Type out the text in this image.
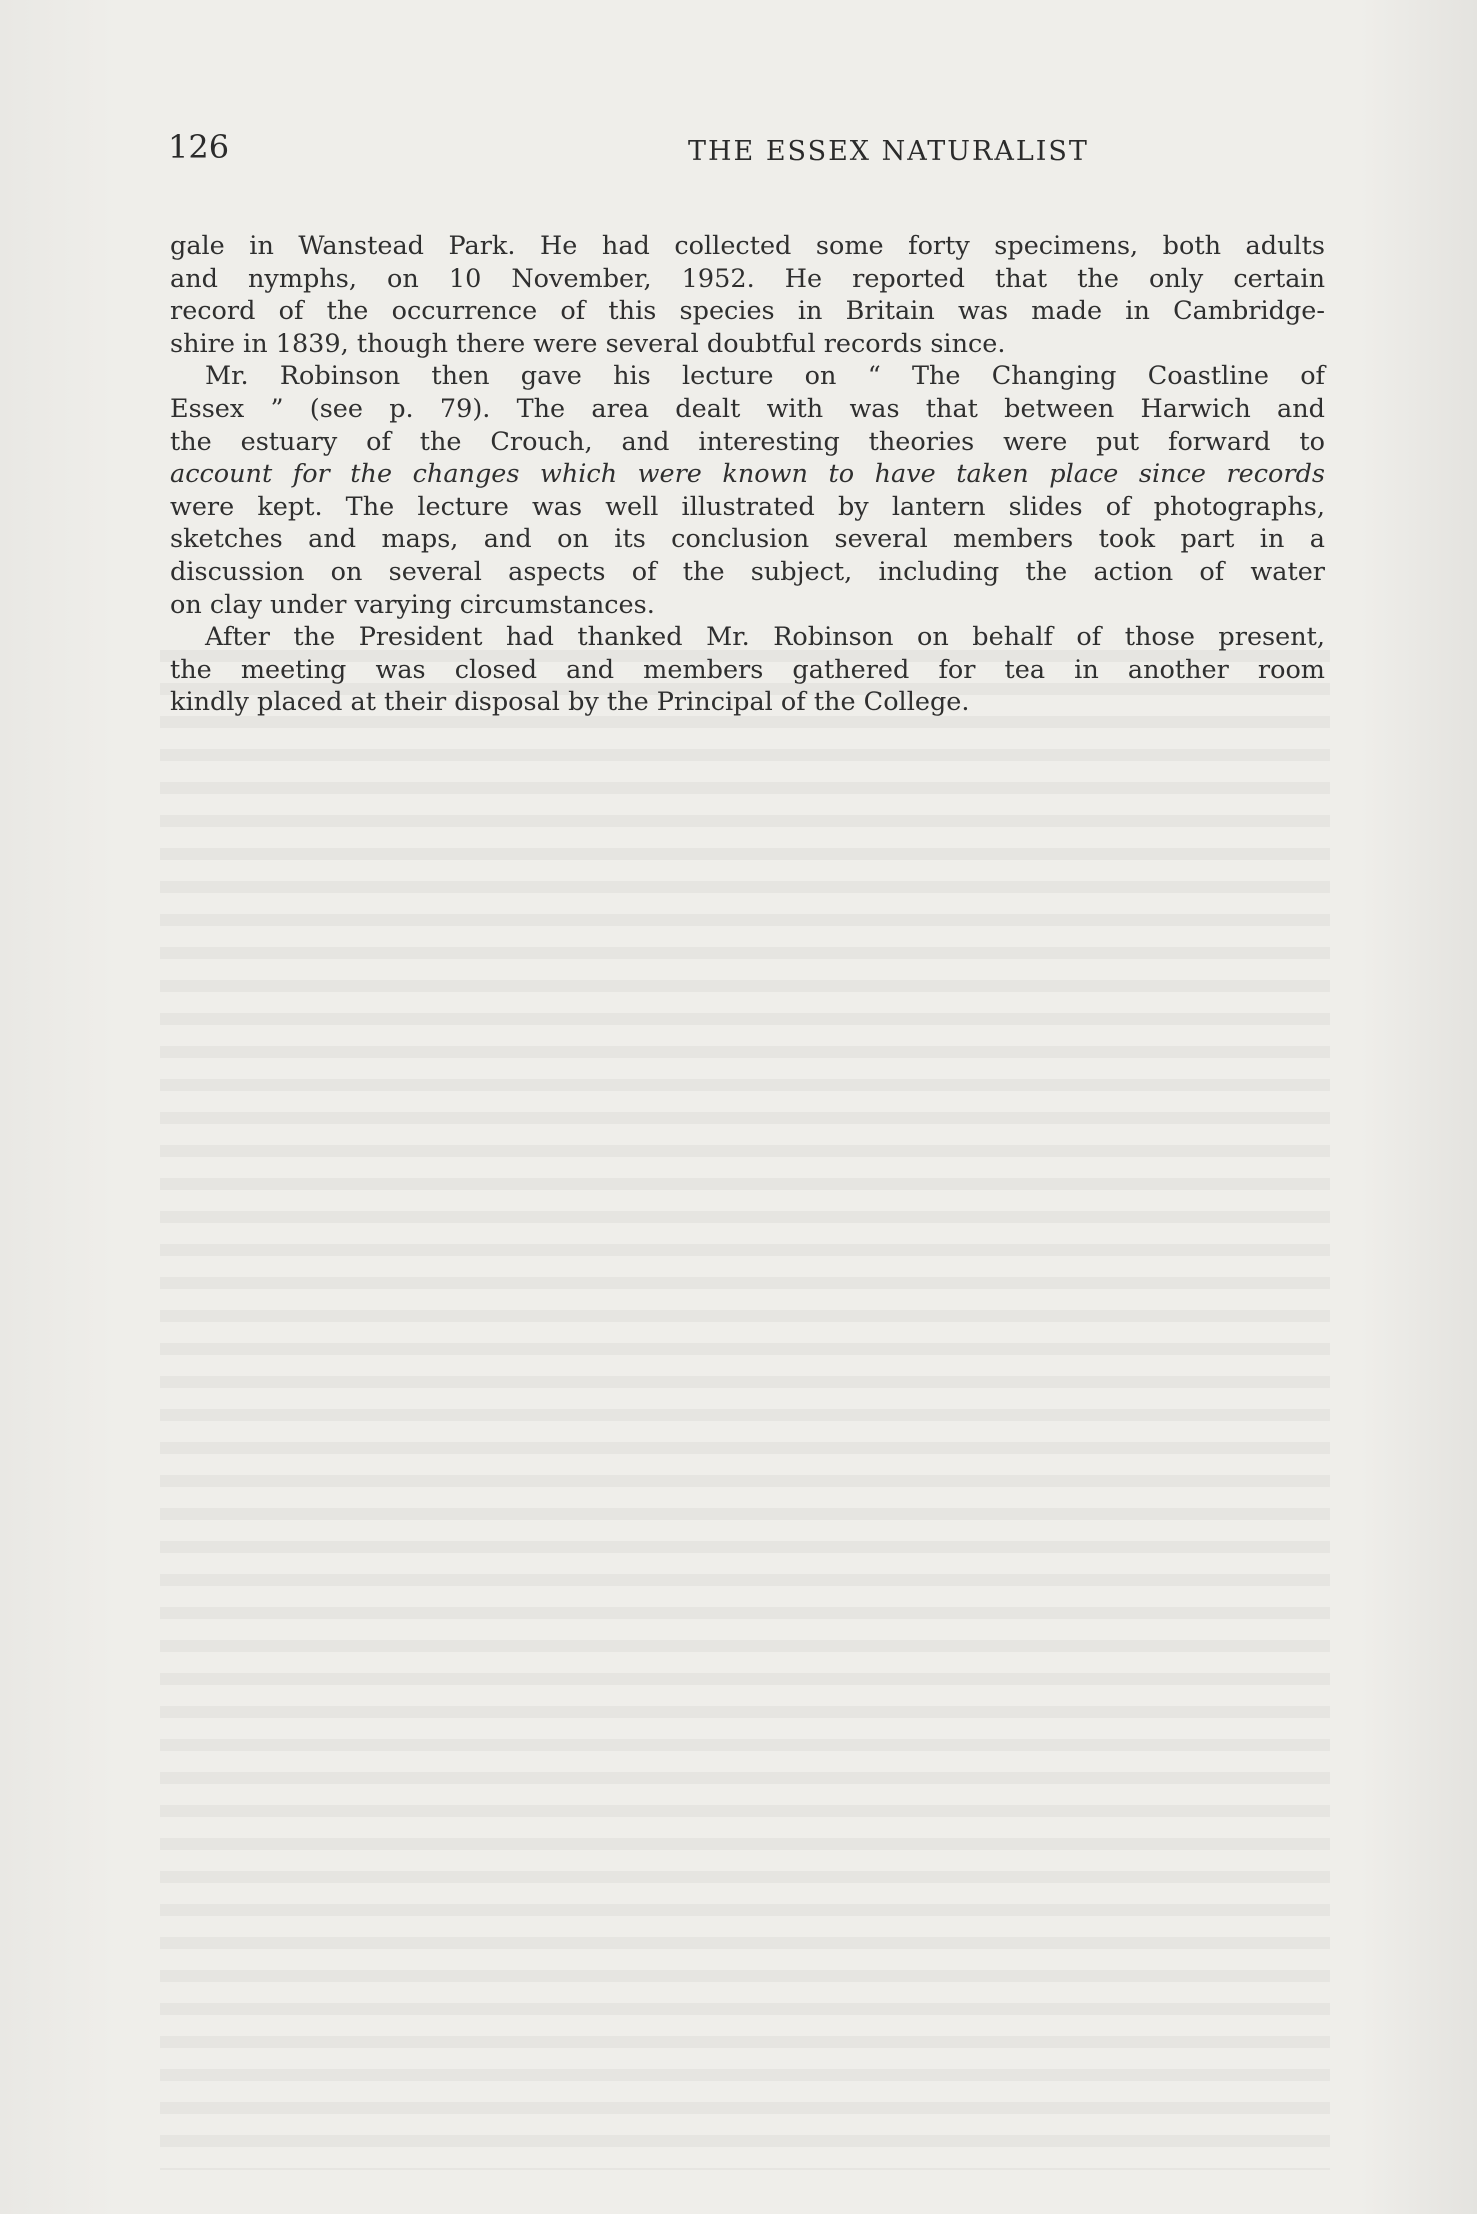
126	THE ESSEX NATURALIST
gale in Wanstead Park. He had collected some forty specimens, both adults
and nymphs, on 10 November, 1952. He reported that the only certain
record of the occurrence of this species in Britain was made in Cambridge-
shire in 1839, though there were several doubtful records since.
Mr. Robinson then gave his lecture on “ The Changing Coastline of
Essex ” (see p. 79). The area dealt with was that between Harwich and
the estuary of the Crouch, and interesting theories were put forward to
account for the changes which were known to have taken place since records
were kept. The lecture was well illustrated by lantern slides of photographs,
sketches and maps, and on its conclusion several members took part in a
discussion on several aspects of the subject, including the action of water
on clay under varying circumstances.
After the President had thanked Mr. Robinson on behalf of those present,
the meeting was closed and members gathered for tea in another room
kindly placed at their disposal by the Principal of the College.
